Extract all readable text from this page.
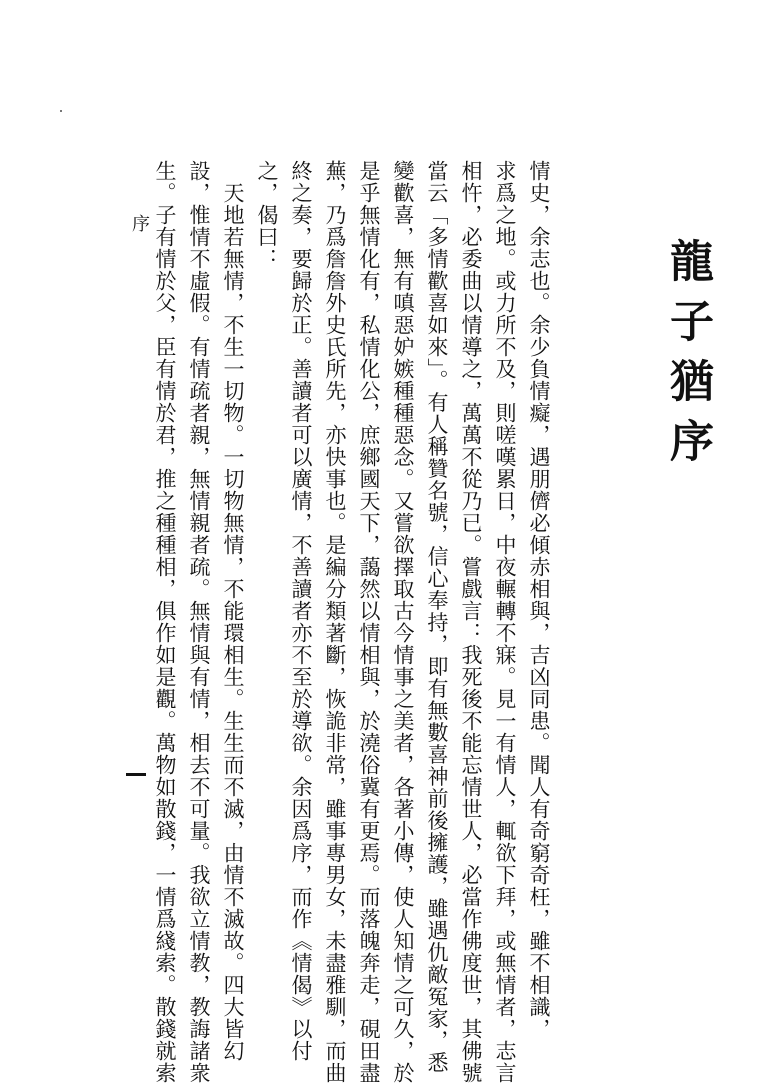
龍子猶序
情史，余志也。余少負情癡，遇朋儕必傾赤相與，吉凶同患。聞人有奇窮奇枉，雖不相識，
求爲之地。或力所不及，則嗟嘆累日，中夜輾轉不寐。見一有情人，輒欲下拜，或無情者，志言
相忤，必委曲以情導之，萬萬不從乃已。嘗戲言：我死後不能忘情世人，必當作佛度世，其佛號
當云「多情歡喜如來」。有人稱贊名號，信心奉持，即有無數喜神前後擁護，雖遇仇敵冤家，悉
變歡喜，無有嗔惡妒嫉種種惡念。又嘗欲擇取古今情事之美者，各著小傳，使人知情之可久，於
是乎無情化有，私情化公，庶鄉國天下，藹然以情相與，於澆俗冀有更焉。而落魄奔走，硯田盡
蕪，乃爲詹詹外史氏所先，亦快事也。是編分類著斷，恢詭非常，雖事專男女，未盡雅馴，而曲
終之奏，要歸於正。善讀者可以廣情，不善讀者亦不至於導欲。余因爲序，而作《情偈》以付
之，偈曰：
　天地若無情，不生一切物。一切物無情，不能環相生。生生而不滅，由情不滅故。四大皆幻
設，惟情不虛假。有情疏者親，無情親者疏。無情與有情，相去不可量。我欲立情教，教誨諸衆
生。子有情於父，臣有情於君，推之種種相，俱作如是觀。萬物如散錢，一情爲綫索。散錢就索
序
